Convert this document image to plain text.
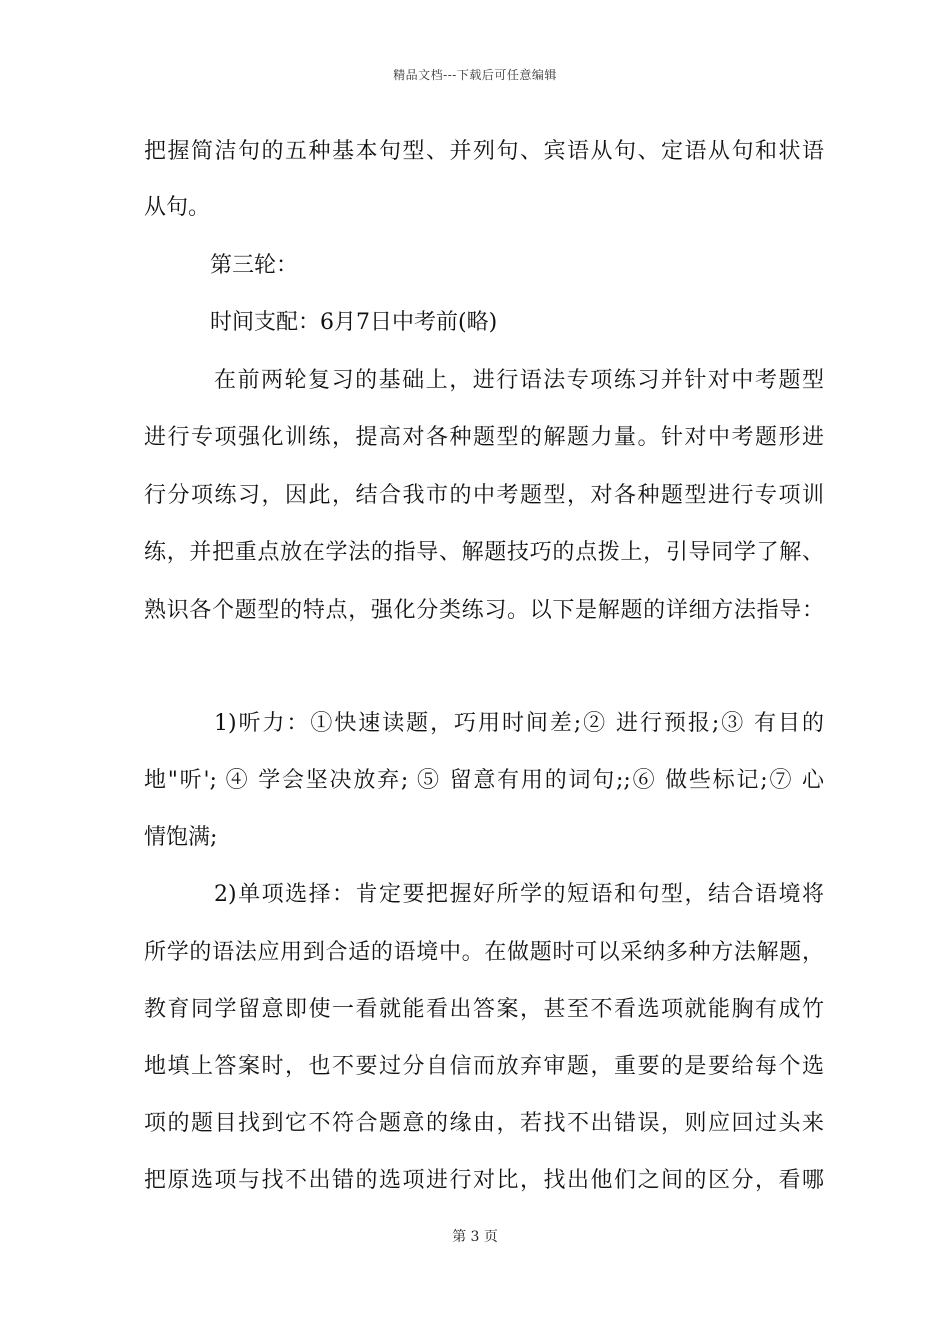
精品文档---下载后可任意编辑
把握简洁句的五种基本句型、并列句、宾语从句、定语从句和状语
从句。
第三轮：
时间支配：6月7日中考前(略)
在前两轮复习的基础上，进行语法专项练习并针对中考题型
进行专项强化训练，提高对各种题型的解题力量。针对中考题形进
行分项练习，因此，结合我市的中考题型，对各种题型进行专项训
练，并把重点放在学法的指导、解题技巧的点拨上，引导同学了解、
熟识各个题型的特点，强化分类练习。以下是解题的详细方法指导：
1)听力：①快速读题，巧用时间差;② 进行预报;③ 有目的
地"听'; ④ 学会坚决放弃; ⑤ 留意有用的词句;;⑥ 做些标记;⑦ 心
情饱满;
2)单项选择：肯定要把握好所学的短语和句型，结合语境将
所学的语法应用到合适的语境中。在做题时可以采纳多种方法解题，
教育同学留意即使一看就能看出答案，甚至不看选项就能胸有成竹
地填上答案时，也不要过分自信而放弃审题，重要的是要给每个选
项的题目找到它不符合题意的缘由，若找不出错误，则应回过头来
把原选项与找不出错的选项进行对比，找出他们之间的区分，看哪
第 3 页
